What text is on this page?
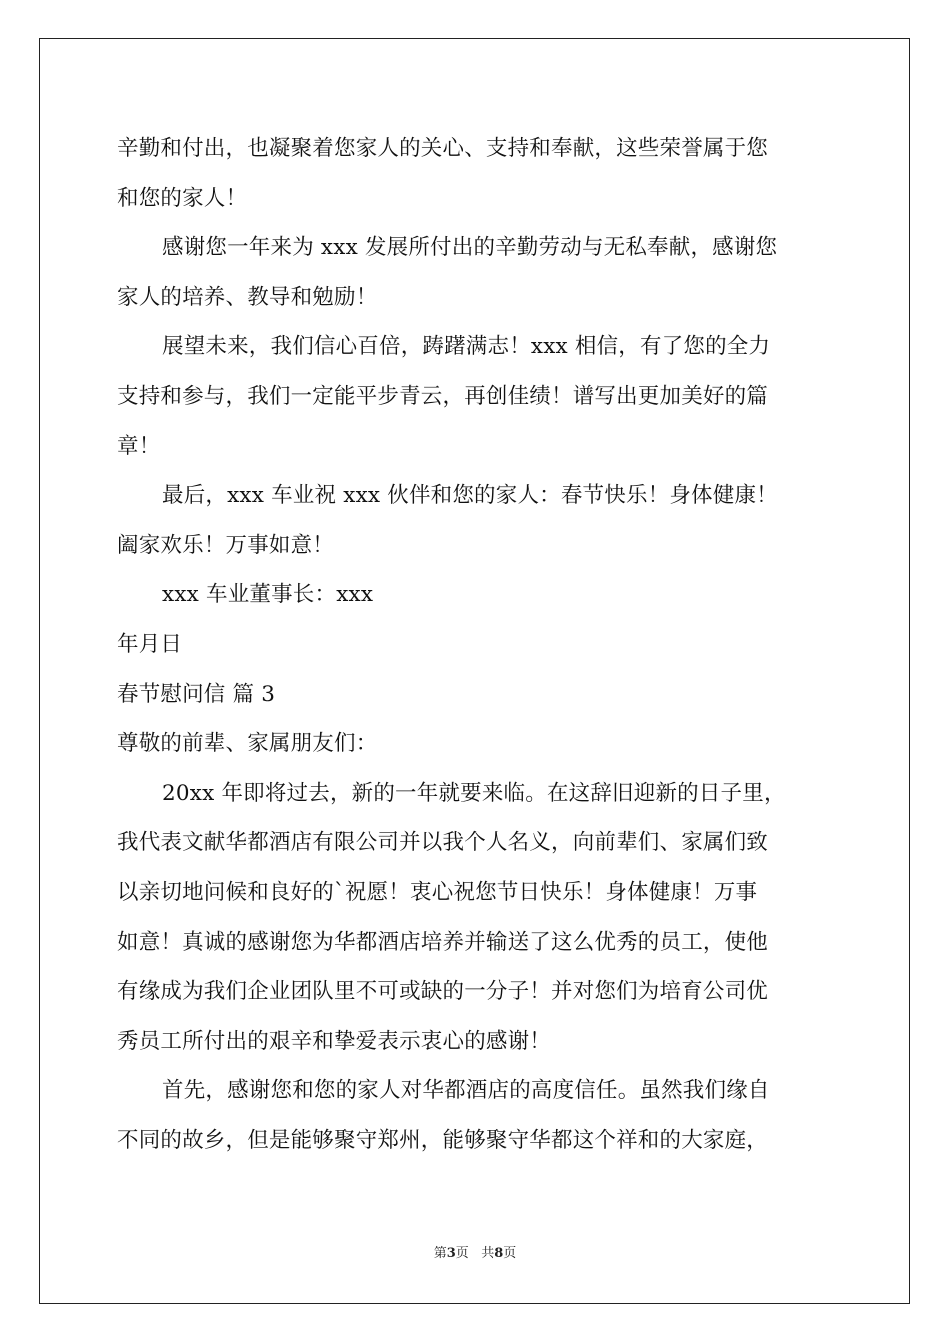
辛勤和付出，也凝聚着您家人的关心、支持和奉献，这些荣誉属于您
和您的家人！
感谢您一年来为 xxx 发展所付出的辛勤劳动与无私奉献，感谢您
家人的培养、教导和勉励！
展望未来，我们信心百倍，踌躇满志！xxx 相信，有了您的全力
支持和参与，我们一定能平步青云，再创佳绩！谱写出更加美好的篇
章！
最后，xxx 车业祝 xxx 伙伴和您的家人：春节快乐！身体健康！
阖家欢乐！万事如意！
xxx 车业董事长：xxx
年月日
春节慰问信 篇 3
尊敬的前辈、家属朋友们：
20xx 年即将过去，新的一年就要来临。在这辞旧迎新的日子里，
我代表文献华都酒店有限公司并以我个人名义，向前辈们、家属们致
以亲切地问候和良好的`祝愿！衷心祝您节日快乐！身体健康！万事
如意！真诚的感谢您为华都酒店培养并输送了这么优秀的员工，使他
有缘成为我们企业团队里不可或缺的一分子！并对您们为培育公司优
秀员工所付出的艰辛和挚爱表示衷心的感谢！
首先，感谢您和您的家人对华都酒店的高度信任。虽然我们缘自
不同的故乡，但是能够聚守郑州，能够聚守华都这个祥和的大家庭，
第3页 共8页
